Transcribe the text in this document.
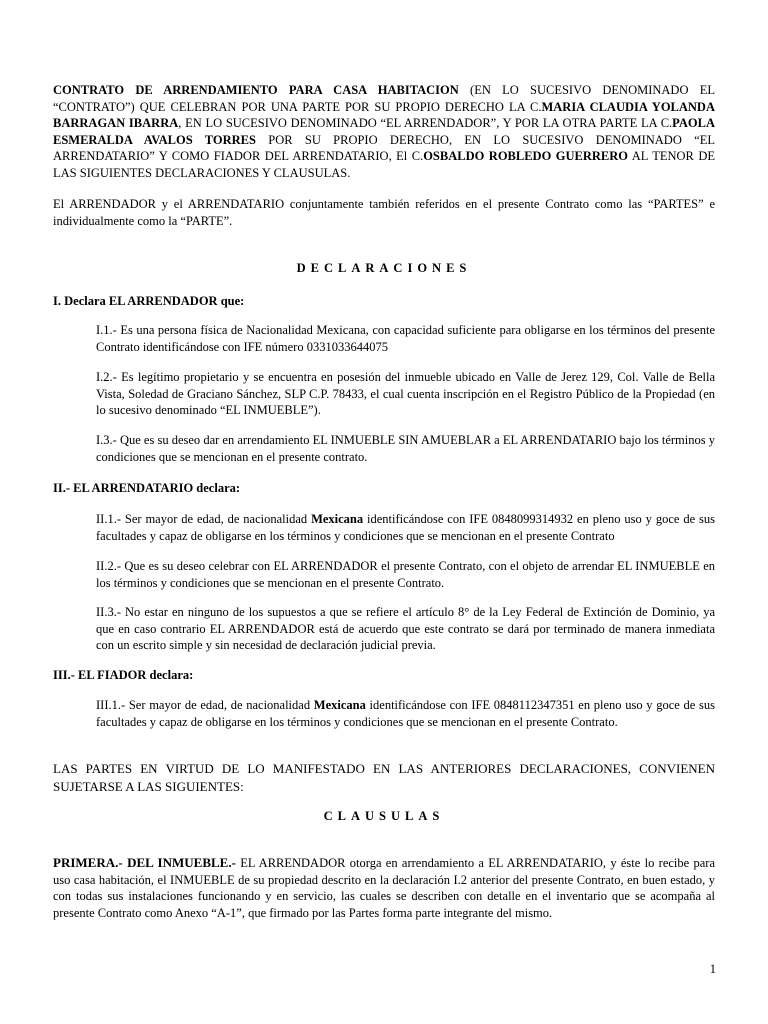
CONTRATO DE ARRENDAMIENTO PARA CASA HABITACION (EN LO SUCESIVO DENOMINADO EL “CONTRATO”) QUE CELEBRAN POR UNA PARTE POR SU PROPIO DERECHO LA C.MARIA CLAUDIA YOLANDA BARRAGAN IBARRA, EN LO SUCESIVO DENOMINADO “EL ARRENDADOR”, Y POR LA OTRA PARTE LA C.PAOLA ESMERALDA AVALOS TORRES POR SU PROPIO DERECHO, EN LO SUCESIVO DENOMINADO “EL ARRENDATARIO” Y COMO FIADOR DEL ARRENDATARIO, El C.OSBALDO ROBLEDO GUERRERO AL TENOR DE LAS SIGUIENTES DECLARACIONES Y CLAUSULAS.

El ARRENDADOR y el ARRENDATARIO conjuntamente también referidos en el presente Contrato como las “PARTES” e individualmente como la “PARTE”.

DECLARACIONES

I. Declara EL ARRENDADOR que:

I.1.- Es una persona física de Nacionalidad Mexicana, con capacidad suficiente para obligarse en los términos del presente Contrato identificándose con IFE número 0331033644075

I.2.- Es legítimo propietario y se encuentra en posesión del inmueble ubicado en Valle de Jerez 129, Col. Valle de Bella Vista, Soledad de Graciano Sánchez, SLP C.P. 78433, el cual cuenta inscripción en el Registro Público de la Propiedad (en lo sucesivo denominado “EL INMUEBLE”).

I.3.- Que es su deseo dar en arrendamiento EL INMUEBLE SIN AMUEBLAR a EL ARRENDATARIO bajo los términos y condiciones que se mencionan en el presente contrato.

II.- EL ARRENDATARIO declara:

II.1.- Ser mayor de edad, de nacionalidad Mexicana identificándose con IFE 0848099314932 en pleno uso y goce de sus facultades y capaz de obligarse en los términos y condiciones que se mencionan en el presente Contrato

II.2.- Que es su deseo celebrar con EL ARRENDADOR el presente Contrato, con el objeto de arrendar EL INMUEBLE en los términos y condiciones que se mencionan en el presente Contrato.

II.3.- No estar en ninguno de los supuestos a que se refiere el artículo 8° de la Ley Federal de Extinción de Dominio, ya que en caso contrario EL ARRENDADOR está de acuerdo que este contrato se dará por terminado de manera inmediata con un escrito simple y sin necesidad de declaración judicial previa.

III.- EL FIADOR declara:

III.1.- Ser mayor de edad, de nacionalidad Mexicana identificándose con IFE 0848112347351 en pleno uso y goce de sus facultades y capaz de obligarse en los términos y condiciones que se mencionan en el presente Contrato.

LAS PARTES EN VIRTUD DE LO MANIFESTADO EN LAS ANTERIORES DECLARACIONES, CONVIENEN SUJETARSE A LAS SIGUIENTES:

CLAUSULAS

PRIMERA.- DEL INMUEBLE.- EL ARRENDADOR otorga en arrendamiento a EL ARRENDATARIO, y éste lo recibe para uso casa habitación, el INMUEBLE de su propiedad descrito en la declaración I.2 anterior del presente Contrato, en buen estado, y con todas sus instalaciones funcionando y en servicio, las cuales se describen con detalle en el inventario que se acompaña al presente Contrato como Anexo “A-1”, que firmado por las Partes forma parte integrante del mismo.

1
